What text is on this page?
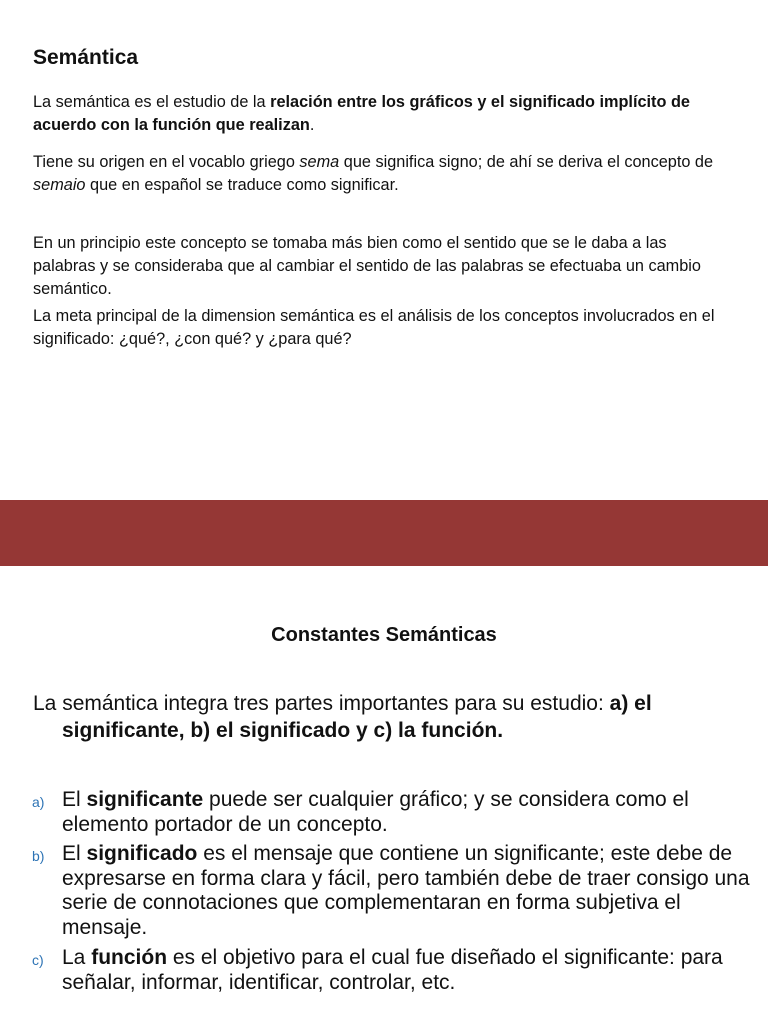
Semántica

La semántica es el estudio de la relación entre los gráficos y el significado implícito de acuerdo con la función que realizan.

Tiene su origen en el vocablo griego sema que significa signo; de ahí se deriva el concepto de semaio que en español se traduce como significar.

En un principio este concepto se tomaba más bien como el sentido que se le daba a las palabras y se consideraba que al cambiar el sentido de las palabras se efectuaba un cambio semántico.

La meta principal de la dimension semántica es el análisis de los conceptos involucrados en el significado: ¿qué?, ¿con qué? y ¿para qué?

Constantes Semánticas

La semántica integra tres partes importantes para su estudio: a) el significante, b) el significado y c) la función.

a) El significante puede ser cualquier gráfico; y se considera como el elemento portador de un concepto.

b) El significado es el mensaje que contiene un significante; este debe de expresarse en forma clara y fácil, pero también debe de traer consigo una serie de connotaciones que complementaran en forma subjetiva el mensaje.

c) La función es el objetivo para el cual fue diseñado el significante: para señalar, informar, identificar, controlar, etc.
